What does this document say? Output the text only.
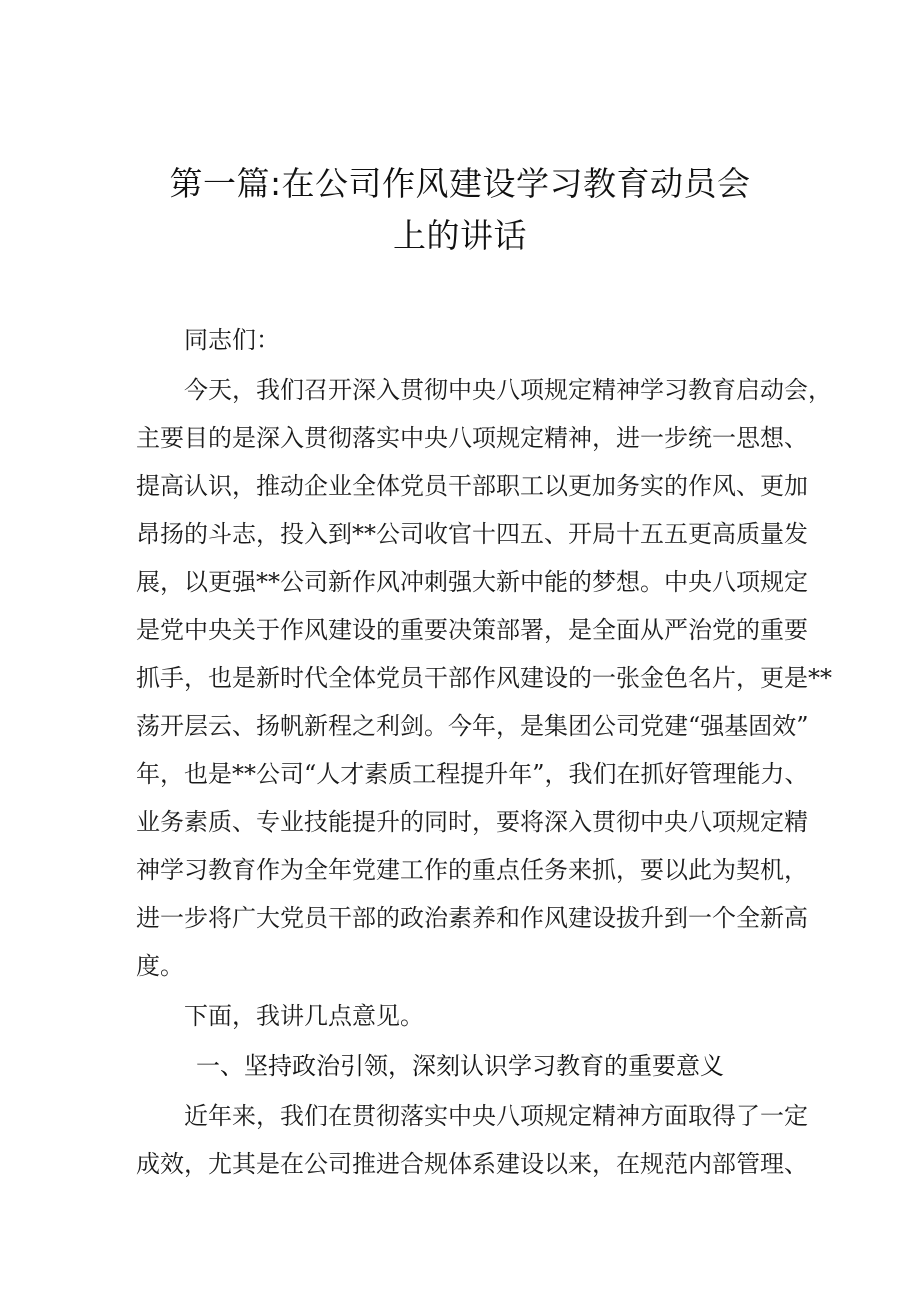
第一篇:在公司作风建设学习教育动员会
上的讲话

同志们：

今天，我们召开深入贯彻中央八项规定精神学习教育启动会，

主要目的是深入贯彻落实中央八项规定精神，进一步统一思想、

提高认识，推动企业全体党员干部职工以更加务实的作风、更加

昂扬的斗志，投入到**公司收官十四五、开局十五五更高质量发

展，以更强**公司新作风冲刺强大新中能的梦想。中央八项规定

是党中央关于作风建设的重要决策部署，是全面从严治党的重要

抓手，也是新时代全体党员干部作风建设的一张金色名片，更是**

荡开层云、扬帆新程之利剑。今年，是集团公司党建“强基固效”

年，也是**公司“人才素质工程提升年”，我们在抓好管理能力、

业务素质、专业技能提升的同时，要将深入贯彻中央八项规定精

神学习教育作为全年党建工作的重点任务来抓，要以此为契机，

进一步将广大党员干部的政治素养和作风建设拔升到一个全新高

度。

下面，我讲几点意见。

一、坚持政治引领，深刻认识学习教育的重要意义

近年来，我们在贯彻落实中央八项规定精神方面取得了一定

成效，尤其是在公司推进合规体系建设以来，在规范内部管理、
